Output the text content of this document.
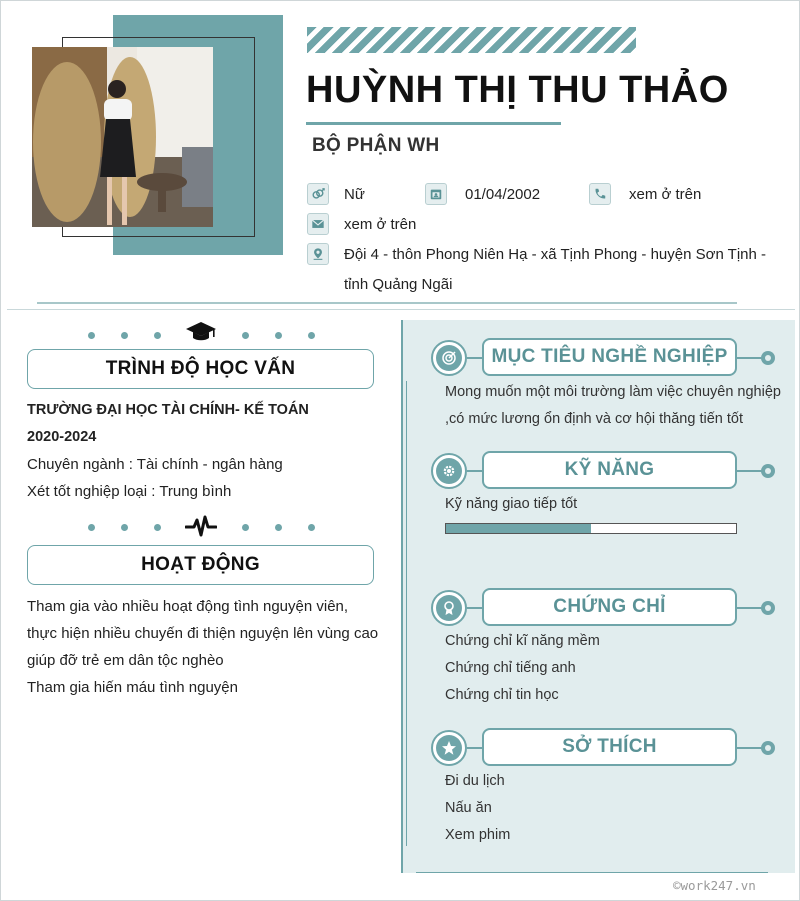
HUỲNH THỊ THU THẢO
BỘ PHẬN WH
Nữ	01/04/2002	xem ở trên
xem ở trên
Đội 4 - thôn Phong Niên Hạ - xã Tịnh Phong - huyện Sơn Tịnh -
tỉnh Quảng Ngãi
TRÌNH ĐỘ HỌC VẤN
TRƯỜNG ĐẠI HỌC TÀI CHÍNH- KẾ TOÁN
2020-2024
Chuyên ngành : Tài chính - ngân hàng
Xét tốt nghiệp loại : Trung bình
HOẠT ĐỘNG
Tham gia vào nhiều hoạt động tình nguyện viên,
thực hiện nhiều chuyến đi thiện nguyện lên vùng cao
giúp đỡ trẻ em dân tộc nghèo
Tham gia hiến máu tình nguyện
MỤC TIÊU NGHỀ NGHIỆP
Mong muốn một môi trường làm việc chuyên nghiệp
,có mức lương ổn định và cơ hội thăng tiến tốt
KỸ NĂNG
Kỹ năng giao tiếp tốt
CHỨNG CHỈ
Chứng chỉ kĩ năng mềm
Chứng chỉ tiếng anh
Chứng chỉ tin học
SỞ THÍCH
Đi du lịch
Nấu ăn
Xem phim
©work247.vn
